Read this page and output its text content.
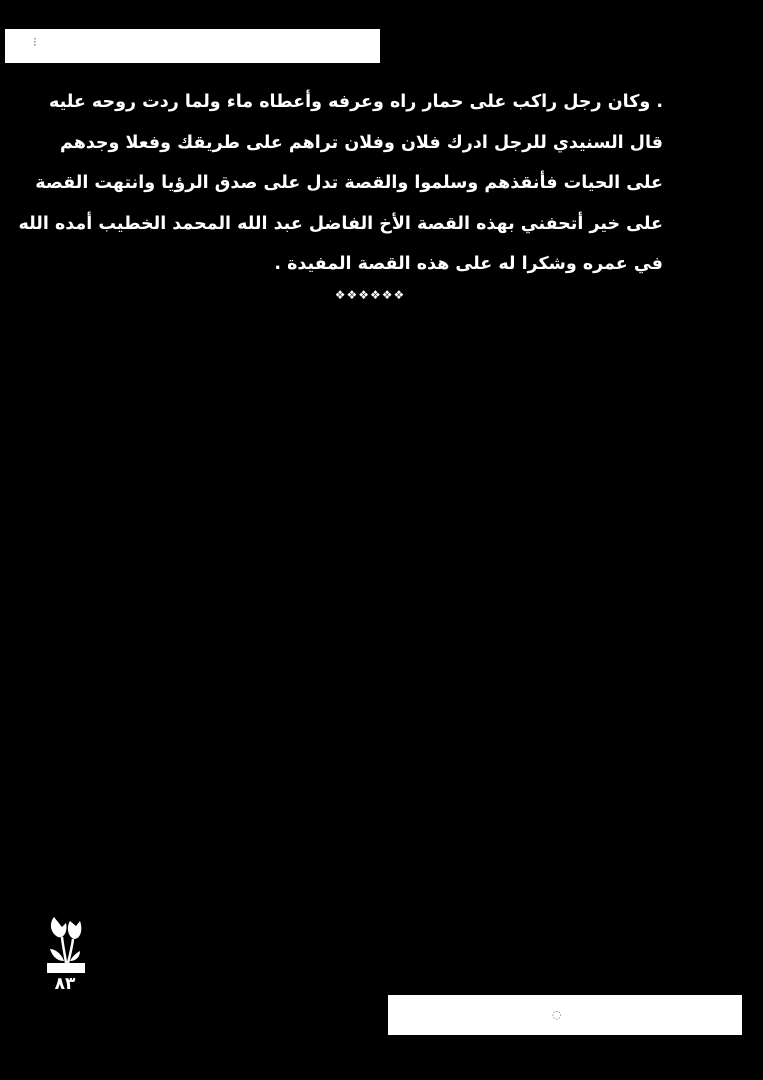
⁝
. وكان رجل راكب على حمار راه وعرفه وأعطاه ماء ولما ردت روحه عليه
قال السنيدي للرجل ادرك فلان وفلان تراهم على طريقك وفعلا وجدهم
على الحيات فأنقذهم وسلموا والقصة تدل على صدق الرؤيا وانتهت القصة
على خير أتحفني بهذه القصة الأخ الفاضل عبد الله المحمد الخطيب أمده الله
في عمره وشكرا له على هذه القصة المفيدة .
❖❖❖❖❖❖
٨٣
◌
